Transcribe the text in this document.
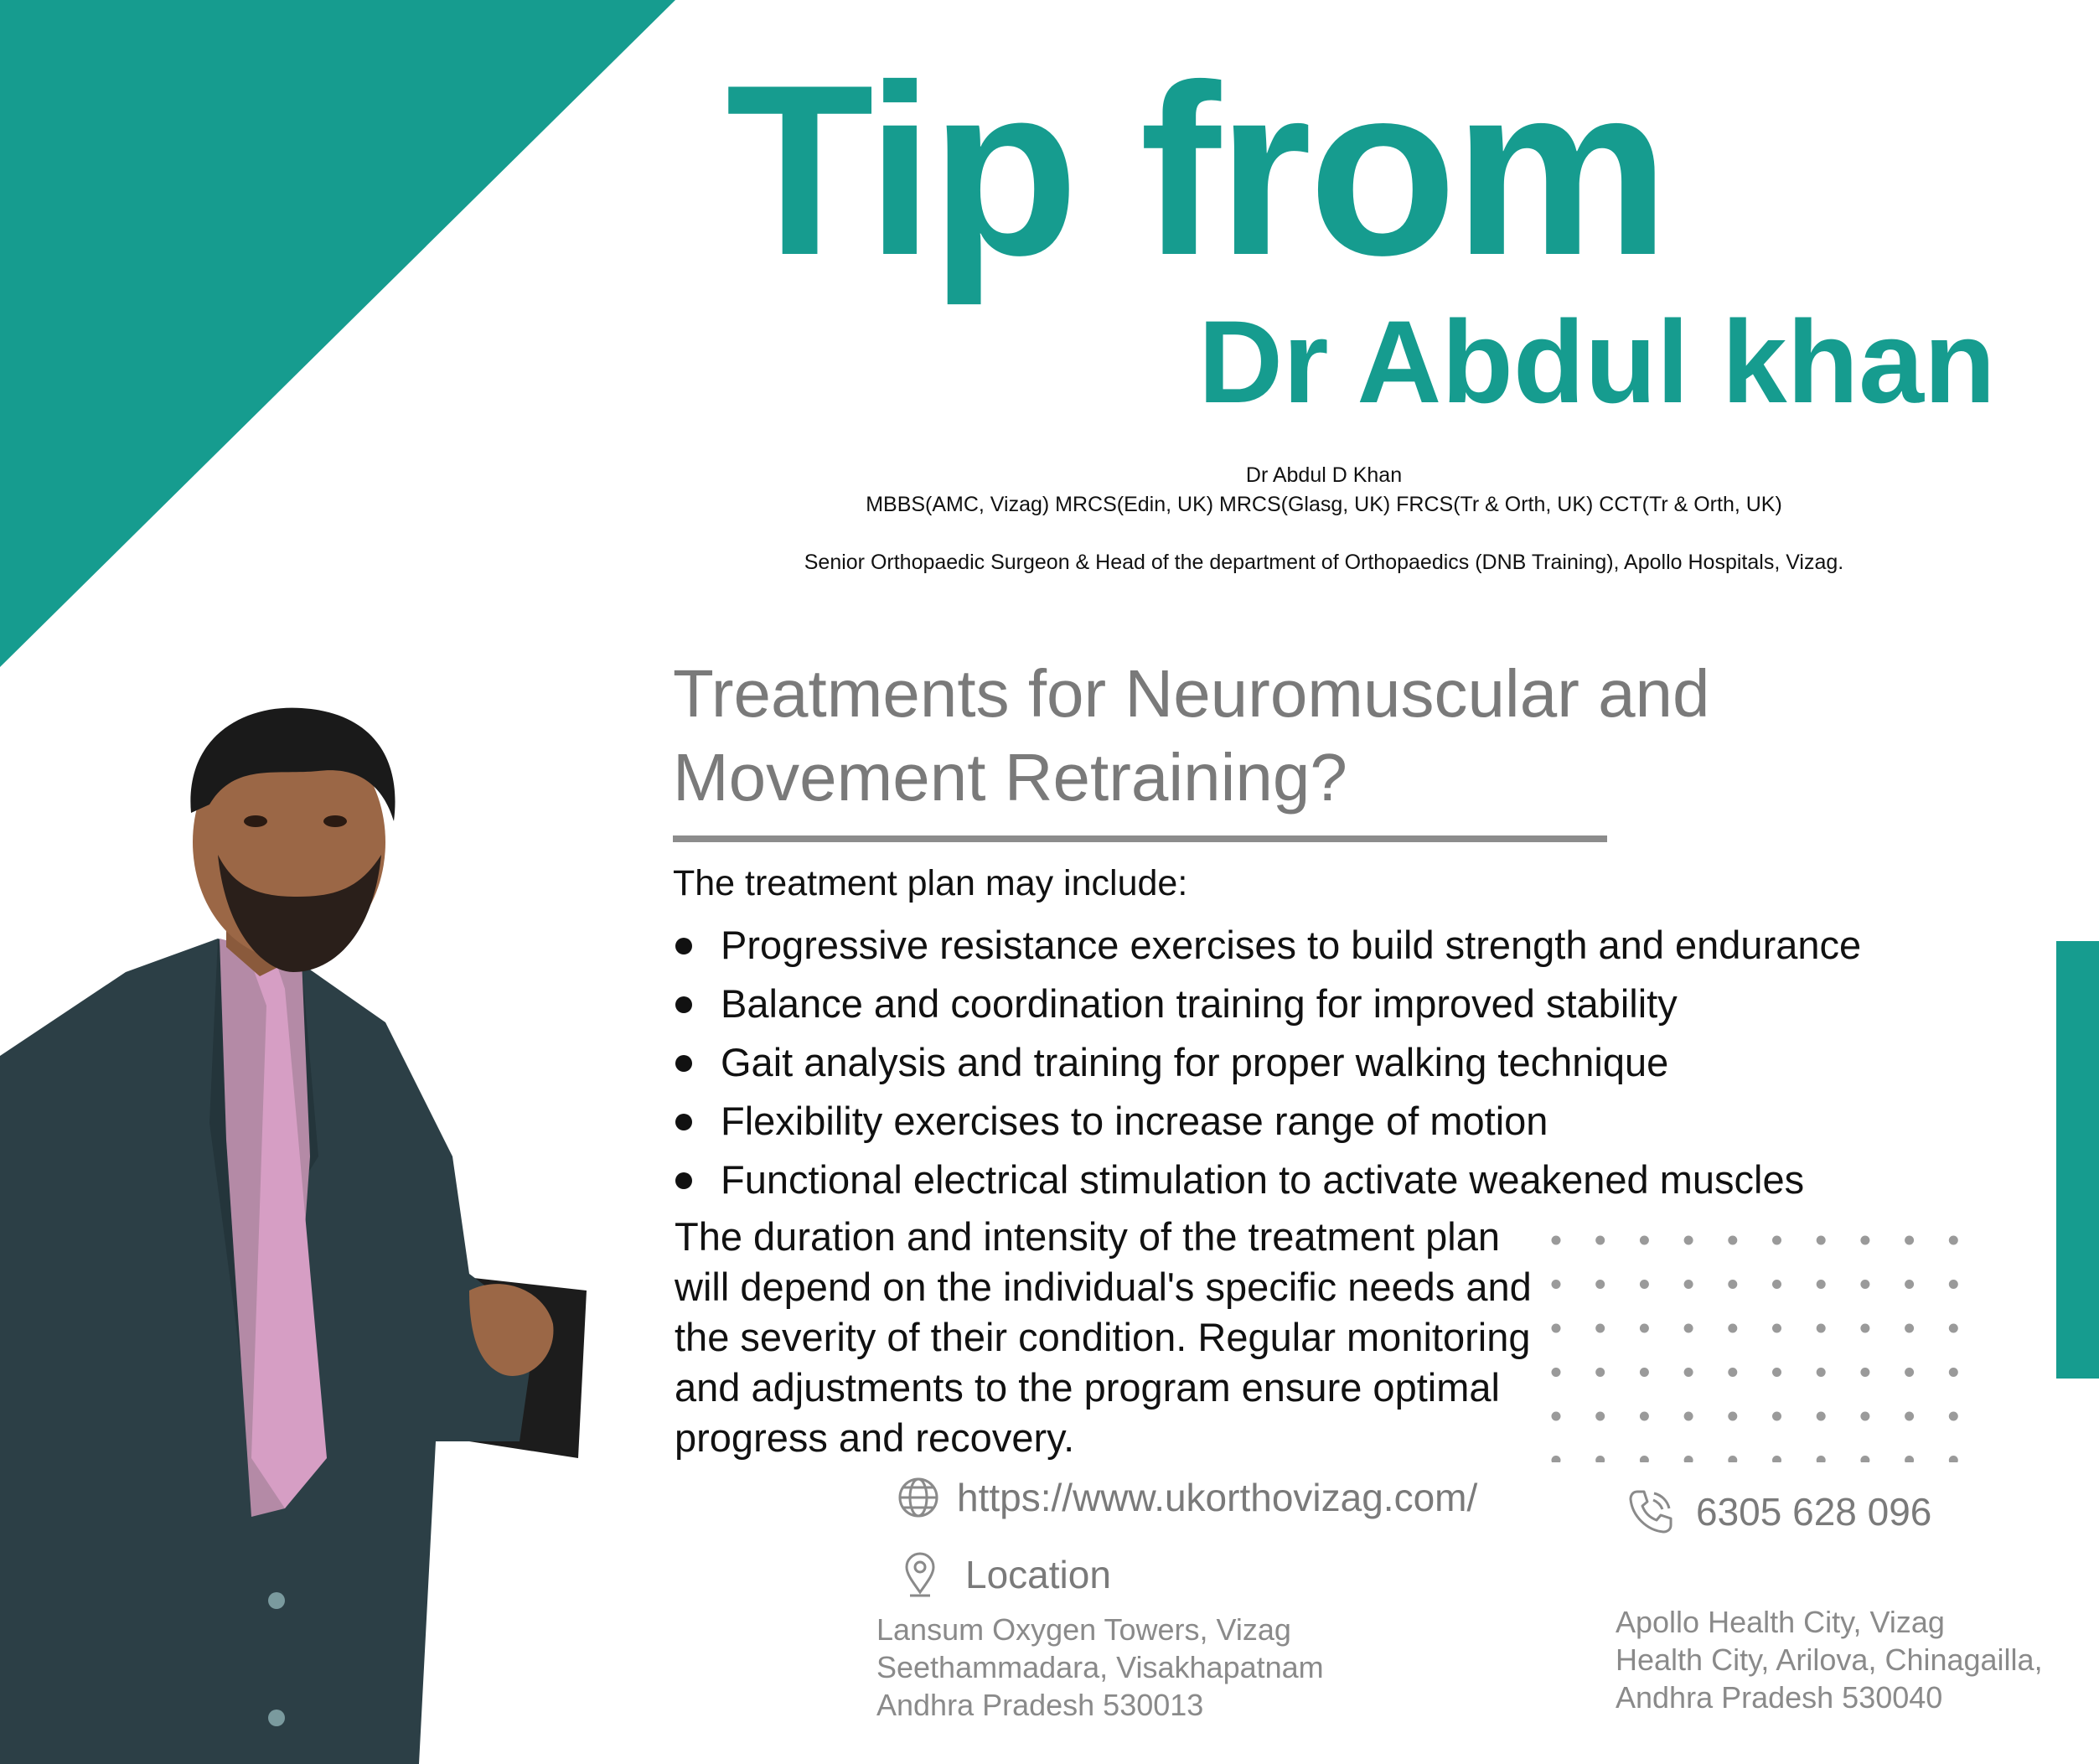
Tip from
Dr Abdul khan
Dr Abdul D Khan
MBBS(AMC, Vizag) MRCS(Edin, UK) MRCS(Glasg, UK) FRCS(Tr & Orth, UK) CCT(Tr & Orth, UK)
Senior Orthopaedic Surgeon & Head of the department of Orthopaedics (DNB Training), Apollo Hospitals, Vizag.
Treatments for Neuromuscular and Movement Retraining?
The treatment plan may include:
Progressive resistance exercises to build strength and endurance
Balance and coordination training for improved stability
Gait analysis and training for proper walking technique
Flexibility exercises to increase range of motion
Functional electrical stimulation to activate weakened muscles
The duration and intensity of the treatment plan will depend on the individual's specific needs and the severity of their condition. Regular monitoring and adjustments to the program ensure optimal progress and recovery.
https://www.ukorthovizag.com/	6305 628 096
Location
Lansum Oxygen Towers, Vizag
Seethammadara, Visakhapatnam
Andhra Pradesh 530013
Apollo Health City, Vizag
Health City, Arilova, Chinagailla,
Andhra Pradesh 530040
